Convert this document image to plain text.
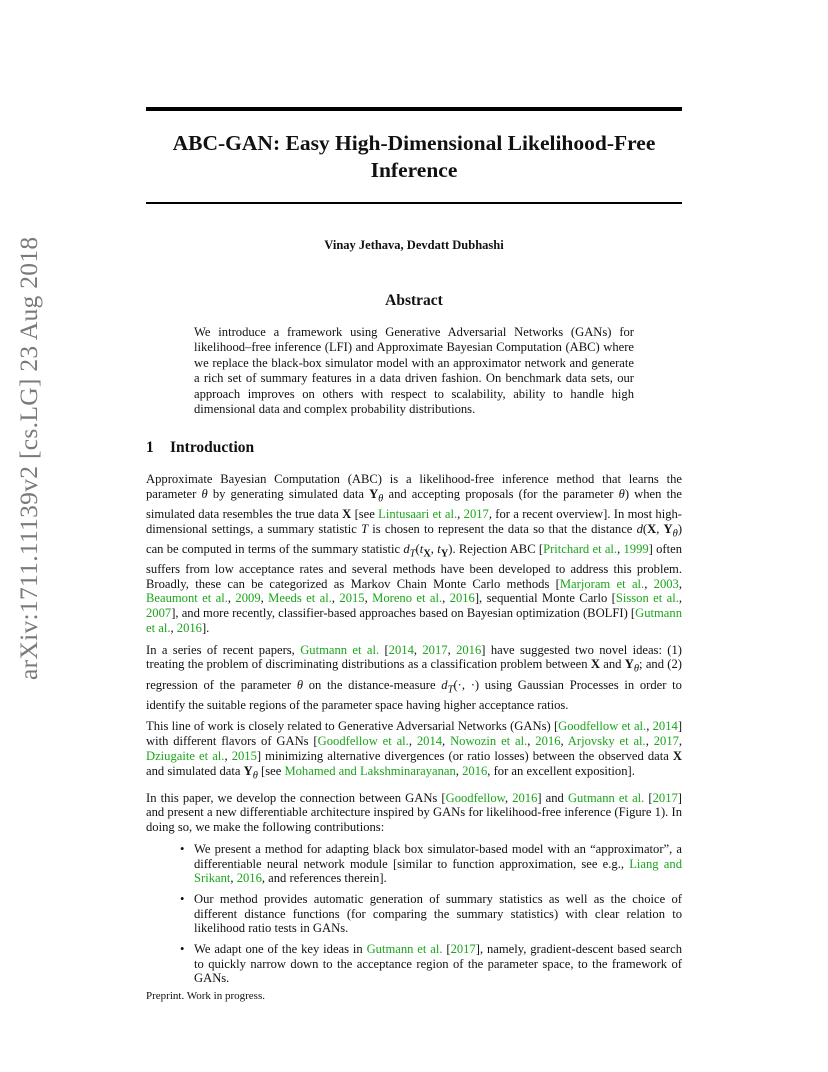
ABC-GAN: Easy High-Dimensional Likelihood-Free Inference
Vinay Jethava, Devdatt Dubhashi
Abstract
We introduce a framework using Generative Adversarial Networks (GANs) for likelihood–free inference (LFI) and Approximate Bayesian Computation (ABC) where we replace the black-box simulator model with an approximator network and generate a rich set of summary features in a data driven fashion. On benchmark data sets, our approach improves on others with respect to scalability, ability to handle high dimensional data and complex probability distributions.
1 Introduction

Approximate Bayesian Computation (ABC) is a likelihood-free inference method that learns the parameter θ by generating simulated data $Y_\theta$ and accepting proposals (for the parameter θ) when the simulated data resembles the true data X [see Lintusaari et al., 2017, for a recent overview]. In most high-dimensional settings, a summary statistic T is chosen to represent the data so that the distance d(X, $Y_\theta$) can be computed in terms of the summary statistic $d_T(t_X$, $t_Y$). Rejection ABC [Pritchard et al., 1999] often suffers from low acceptance rates and several methods have been developed to address this problem. Broadly, these can be categorized as Markov Chain Monte Carlo methods [Marjoram et al., 2003, Beaumont et al., 2009, Meeds et al., 2015, Moreno et al., 2016], sequential Monte Carlo [Sisson et al., 2007], and more recently, classifier-based approaches based on Bayesian optimization (BOLFI) [Gutmann et al., 2016].

In a series of recent papers, Gutmann et al. [2014, 2017, 2016] have suggested two novel ideas: (1) treating the problem of discriminating distributions as a classification problem between X and $Y_\theta$; and (2) regression of the parameter θ on the distance-measure $d_T(\cdot$, ·) using Gaussian Processes in order to identify the suitable regions of the parameter space having higher acceptance ratios.

This line of work is closely related to Generative Adversarial Networks (GANs) [Goodfellow et al., 2014] with different flavors of GANs [Goodfellow et al., 2014, Nowozin et al., 2016, Arjovsky et al., 2017, Dziugaite et al., 2015] minimizing alternative divergences (or ratio losses) between the observed data X and simulated data $Y_\theta$ [see Mohamed and Lakshminarayanan, 2016, for an excellent exposition].

In this paper, we develop the connection between GANs [Goodfellow, 2016] and Gutmann et al. [2017] and present a new differentiable architecture inspired by GANs for likelihood-free inference (Figure 1). In doing so, we make the following contributions:

• We present a method for adapting black box simulator-based model with an “approximator”, a differentiable neural network module [similar to function approximation, see e.g., Liang and Srikant, 2016, and references therein].
• Our method provides automatic generation of summary statistics as well as the choice of different distance functions (for comparing the summary statistics) with clear relation to likelihood ratio tests in GANs.
• We adapt one of the key ideas in Gutmann et al. [2017], namely, gradient-descent based search to quickly narrow down to the acceptance region of the parameter space, to the framework of GANs.
Preprint. Work in progress.
arXiv:1711.11139v2 [cs.LG] 23 Aug 2018
